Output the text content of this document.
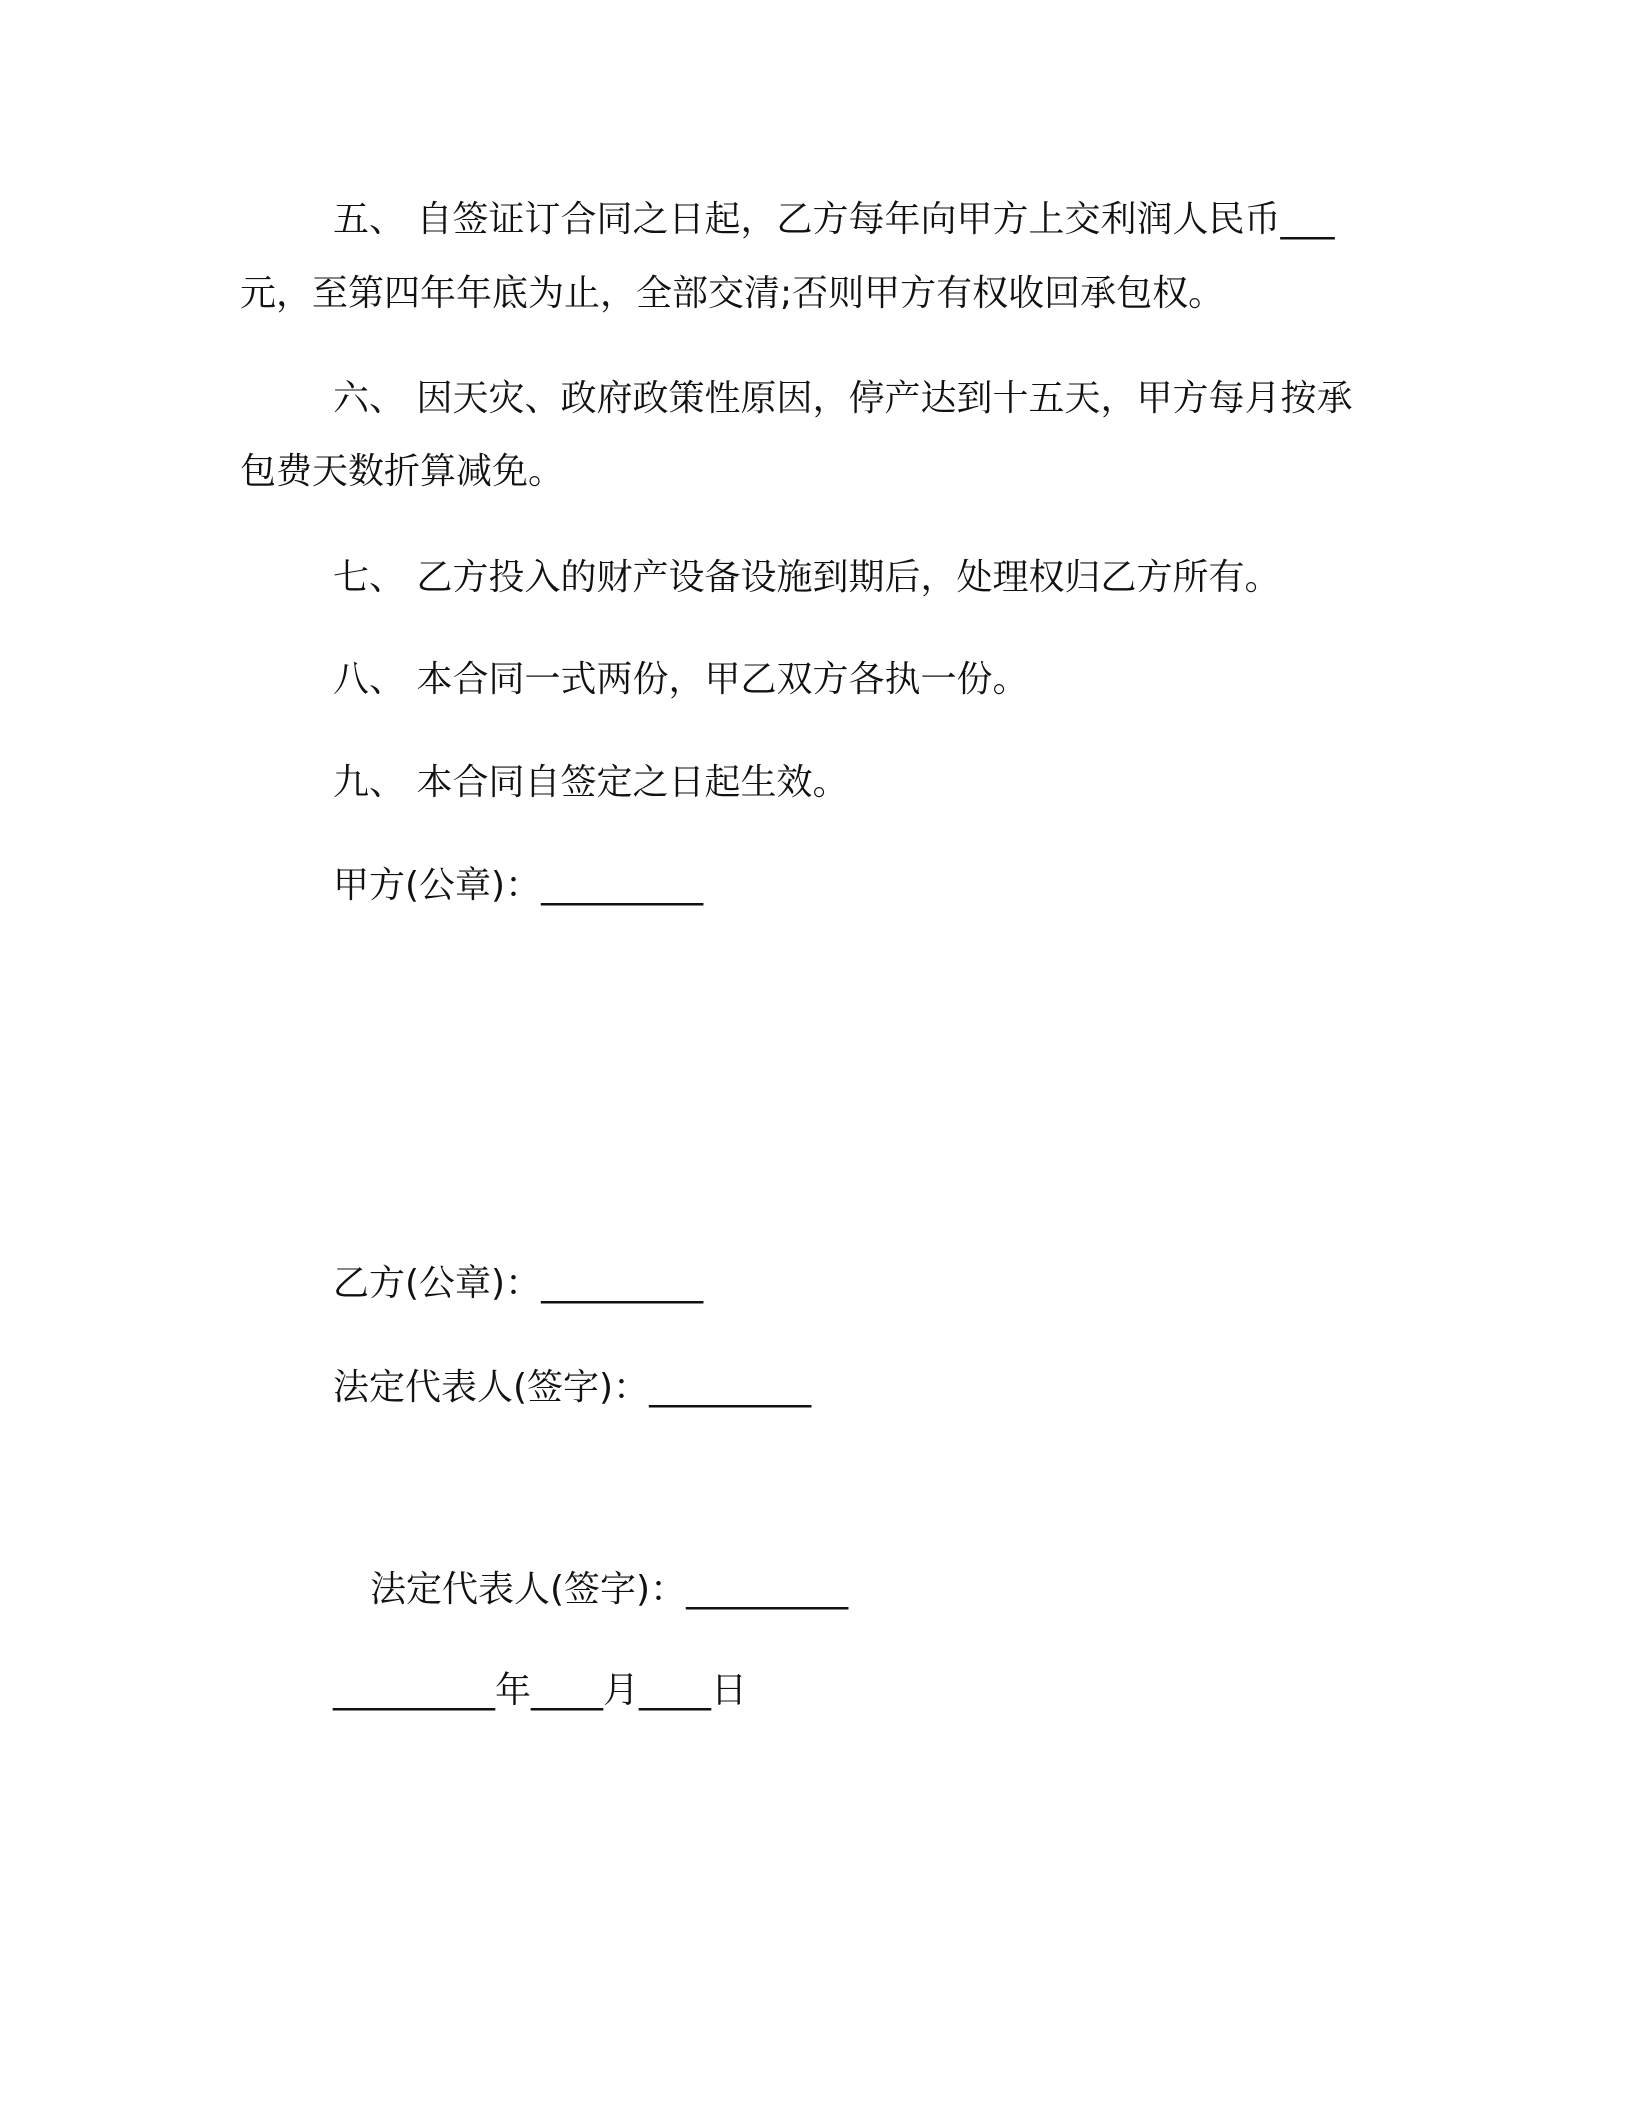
五、 自签证订合同之日起，乙方每年向甲方上交利润人民币___
元，至第四年年底为止，全部交清;否则甲方有权收回承包权。
六、 因天灾、政府政策性原因，停产达到十五天，甲方每月按承
包费天数折算减免。
七、 乙方投入的财产设备设施到期后，处理权归乙方所有。
八、 本合同一式两份，甲乙双方各执一份。
九、 本合同自签定之日起生效。
甲方(公章)：_________
乙方(公章)：_________
法定代表人(签字)：_________
法定代表人(签字)：_________
_________年____月____日
